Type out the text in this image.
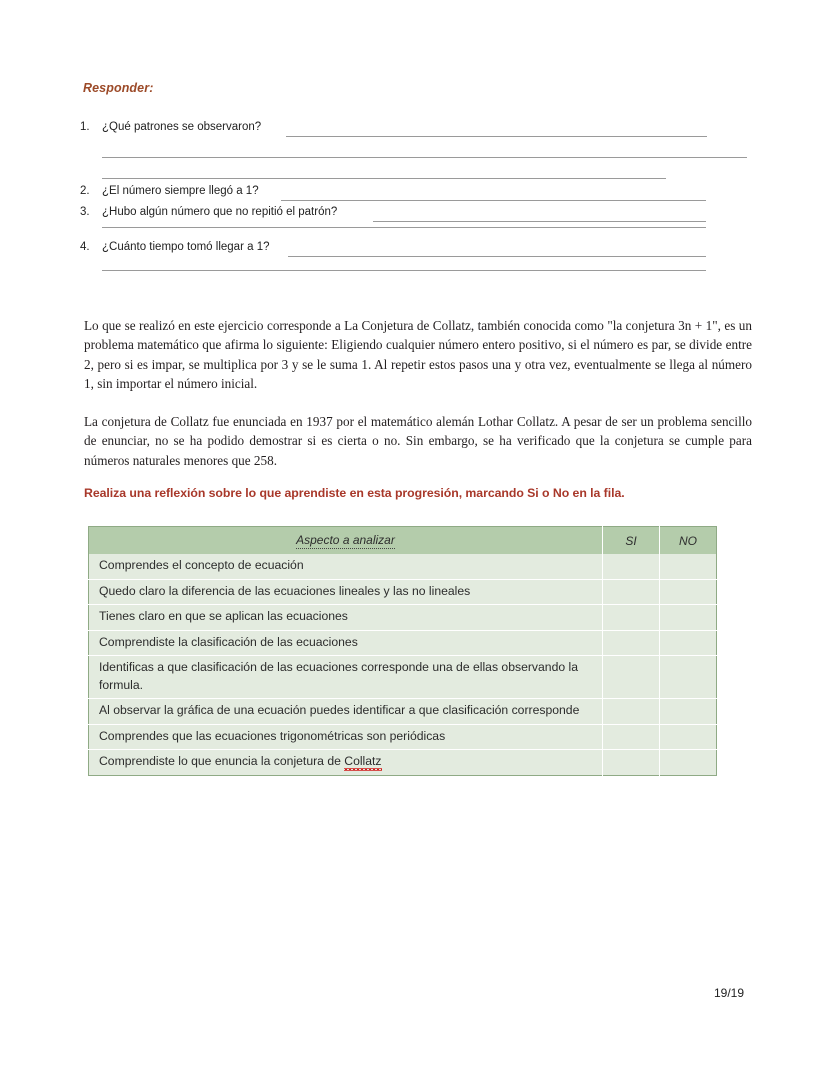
Responder:
1. ¿Qué patrones se observaron?
2. ¿El número siempre llegó a 1?
3. ¿Hubo algún número que no repitió el patrón?
4. ¿Cuánto tiempo tomó llegar a 1?

Lo que se realizó en este ejercicio corresponde a La Conjetura de Collatz, también conocida como "la conjetura 3n + 1", es un problema matemático que afirma lo siguiente: Eligiendo cualquier número entero positivo, si el número es par, se divide entre 2, pero si es impar, se multiplica por 3 y se le suma 1. Al repetir estos pasos una y otra vez, eventualmente se llega al número 1, sin importar el número inicial.

La conjetura de Collatz fue enunciada en 1937 por el matemático alemán Lothar Collatz. A pesar de ser un problema sencillo de enunciar, no se ha podido demostrar si es cierta o no. Sin embargo, se ha verificado que la conjetura se cumple para números naturales menores que 258.

Realiza una reflexión sobre lo que aprendiste en esta progresión, marcando Si o No en la fila.
Aspecto a analizar	SI	NO
Comprendes el concepto de ecuación		
Quedo claro la diferencia de las ecuaciones lineales y las no lineales		
Tienes claro en que se aplican las ecuaciones		
Comprendiste la clasificación de las ecuaciones		
Identificas a que clasificación de las ecuaciones corresponde una de ellas observando la formula.		
Al observar la gráfica de una ecuación puedes identificar a que clasificación corresponde		
Comprendes que las ecuaciones trigonométricas son periódicas		
Comprendiste lo que enuncia la conjetura de Collatz		
19/19
